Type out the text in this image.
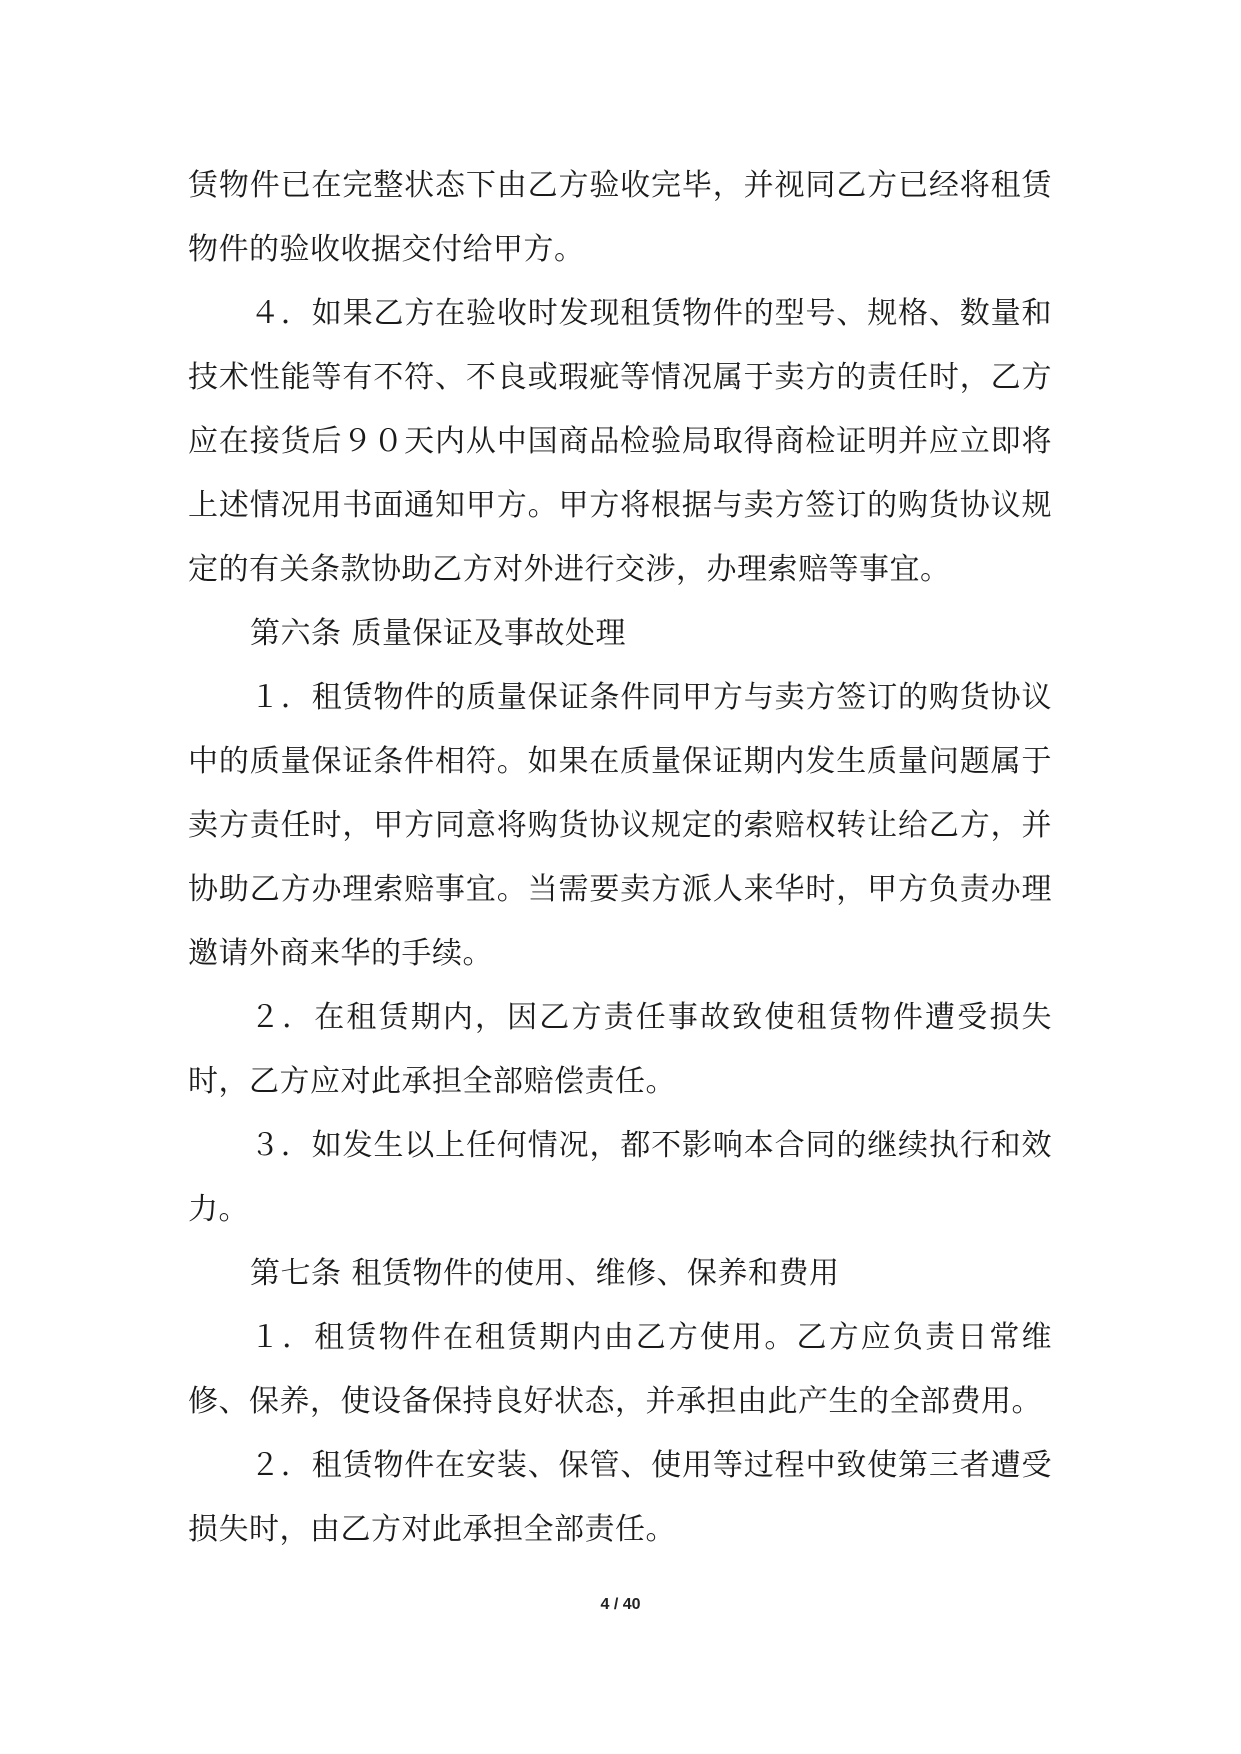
赁物件已在完整状态下由乙方验收完毕，并视同乙方已经将租赁物件的验收收据交付给甲方。

４．如果乙方在验收时发现租赁物件的型号、规格、数量和技术性能等有不符、不良或瑕疵等情况属于卖方的责任时，乙方应在接货后９０天内从中国商品检验局取得商检证明并应立即将上述情况用书面通知甲方。甲方将根据与卖方签订的购货协议规定的有关条款协助乙方对外进行交涉，办理索赔等事宜。

第六条 质量保证及事故处理

１．租赁物件的质量保证条件同甲方与卖方签订的购货协议中的质量保证条件相符。如果在质量保证期内发生质量问题属于卖方责任时，甲方同意将购货协议规定的索赔权转让给乙方，并协助乙方办理索赔事宜。当需要卖方派人来华时，甲方负责办理邀请外商来华的手续。

２．在租赁期内，因乙方责任事故致使租赁物件遭受损失时，乙方应对此承担全部赔偿责任。

３．如发生以上任何情况，都不影响本合同的继续执行和效力。

第七条 租赁物件的使用、维修、保养和费用

１．租赁物件在租赁期内由乙方使用。乙方应负责日常维修、保养，使设备保持良好状态，并承担由此产生的全部费用。

２．租赁物件在安装、保管、使用等过程中致使第三者遭受损失时，由乙方对此承担全部责任。

4 / 40
